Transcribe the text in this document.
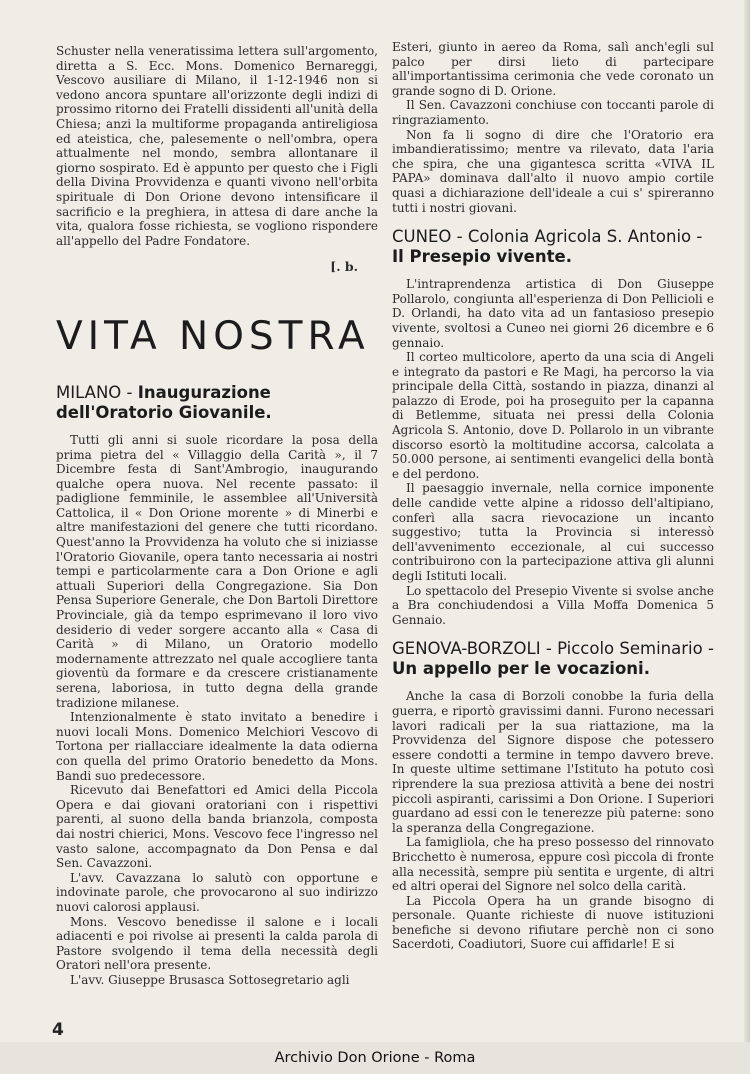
Schuster nella veneratissima lettera sull'argomento, diretta a S. Ecc. Mons. Domenico Bernareggi, Vescovo ausiliare di Milano, il 1-12-1946 non si vedono ancora spuntare all'orizzonte degli indizi di prossimo ritorno dei Fratelli dissidenti all'unità della Chiesa; anzi la multiforme propaganda antireligiosa ed ateistica, che, palesemente o nell'ombra, opera attualmente nel mondo, sembra allontanare il giorno sospirato. Ed è appunto per questo che i Figli della Divina Provvidenza e quanti vivono nell'orbita spirituale di Don Orione devono intensificare il sacrificio e la preghiera, in attesa di dare anche la vita, qualora fosse richiesta, se vogliono rispondere all'appello del Padre Fondatore.

[. b.
VITA NOSTRA
MILANO - Inaugurazione dell'Oratorio Giovanile.

Tutti gli anni si suole ricordare la posa della prima pietra del « Villaggio della Carità », il 7 Dicembre festa di Sant'Ambrogio, inaugurando qualche opera nuova. Nel recente passato: il padiglione femminile, le assemblee all'Università Cattolica, il « Don Orione morente » di Minerbi e altre manifestazioni del genere che tutti ricordano. Quest'anno la Provvidenza ha voluto che si iniziasse l'Oratorio Giovanile, opera tanto necessaria ai nostri tempi e particolarmente cara a Don Orione e agli attuali Superiori della Congregazione. Sia Don Pensa Superiore Generale, che Don Bartoli Direttore Provinciale, già da tempo esprimevano il loro vivo desiderio di veder sorgere accanto alla « Casa di Carità » di Milano, un Oratorio modello modernamente attrezzato nel quale accogliere tanta gioventù da formare e da crescere cristianamente serena, laboriosa, in tutto degna della grande tradizione milanese.

Intenzionalmente è stato invitato a benedire i nuovi locali Mons. Domenico Melchiori Vescovo di Tortona per riallacciare idealmente la data odierna con quella del primo Oratorio benedetto da Mons. Bandi suo predecessore.

Ricevuto dai Benefattori ed Amici della Piccola Opera e dai giovani oratoriani con i rispettivi parenti, al suono della banda brianzola, composta dai nostri chierici, Mons. Vescovo fece l'ingresso nel vasto salone, accompagnato da Don Pensa e dal Sen. Cavazzoni.

L'avv. Cavazzana lo salutò con opportune e indovinate parole, che provocarono al suo indirizzo nuovi calorosi applausi.

Mons. Vescovo benedisse il salone e i locali adiacenti e poi rivolse ai presenti la calda parola di Pastore svolgendo il tema della necessità degli Oratori nell'ora presente.

L'avv. Giuseppe Brusasca Sottosegretario agli

Esteri, giunto in aereo da Roma, salì anch'egli sul palco per dirsi lieto di partecipare all'importantissima cerimonia che vede coronato un grande sogno di D. Orione.

Il Sen. Cavazzoni conchiuse con toccanti parole di ringraziamento.

Non fa li sogno di dire che l'Oratorio era imbandieratissimo; mentre va rilevato, data l'aria che spira, che una gigantesca scritta «VIVA IL PAPA» dominava dall'alto il nuovo ampio cortile quasi a dichiarazione dell'ideale a cui s' spireranno tutti i nostri giovani.

CUNEO - Colonia Agricola S. Antonio - Il Presepio vivente.

L'intraprendenza artistica di Don Giuseppe Pollarolo, congiunta all'esperienza di Don Pellicioli e D. Orlandi, ha dato vita ad un fantasioso presepio vivente, svoltosi a Cuneo nei giorni 26 dicembre e 6 gennaio.

Il corteo multicolore, aperto da una scia di Angeli e integrato da pastori e Re Magi, ha percorso la via principale della Città, sostando in piazza, dinanzi al palazzo di Erode, poi ha proseguito per la capanna di Betlemme, situata nei pressi della Colonia Agricola S. Antonio, dove D. Pollarolo in un vibrante discorso esortò la moltitudine accorsa, calcolata a 50.000 persone, ai sentimenti evangelici della bontà e del perdono.

Il paesaggio invernale, nella cornice imponente delle candide vette alpine a ridosso dell'altipiano, conferì alla sacra rievocazione un incanto suggestivo; tutta la Provincia si interessò dell'avvenimento eccezionale, al cui successo contribuirono con la partecipazione attiva gli alunni degli Istituti locali.

Lo spettacolo del Presepio Vivente si svolse anche a Bra conchiudendosi a Villa Moffa Domenica 5 Gennaio.

GENOVA-BORZOLI - Piccolo Seminario - Un appello per le vocazioni.

Anche la casa di Borzoli conobbe la furia della guerra, e riportò gravissimi danni. Furono necessari lavori radicali per la sua riattazione, ma la Provvidenza del Signore dispose che potessero essere condotti a termine in tempo davvero breve. In queste ultime settimane l'Istituto ha potuto così riprendere la sua preziosa attività a bene dei nostri piccoli aspiranti, carissimi a Don Orione. I Superiori guardano ad essi con le tenerezze più paterne: sono la speranza della Congregazione.

La famigliola, che ha preso possesso del rinnovato Bricchetto è numerosa, eppure così piccola di fronte alla necessità, sempre più sentita e urgente, di altri ed altri operai del Signore nel solco della carità.

La Piccola Opera ha un grande bisogno di personale. Quante richieste di nuove istituzioni benefiche si devono rifiutare perchè non ci sono Sacerdoti, Coadiutori, Suore cui affidarle! E si

4
Archivio Don Orione - Roma
